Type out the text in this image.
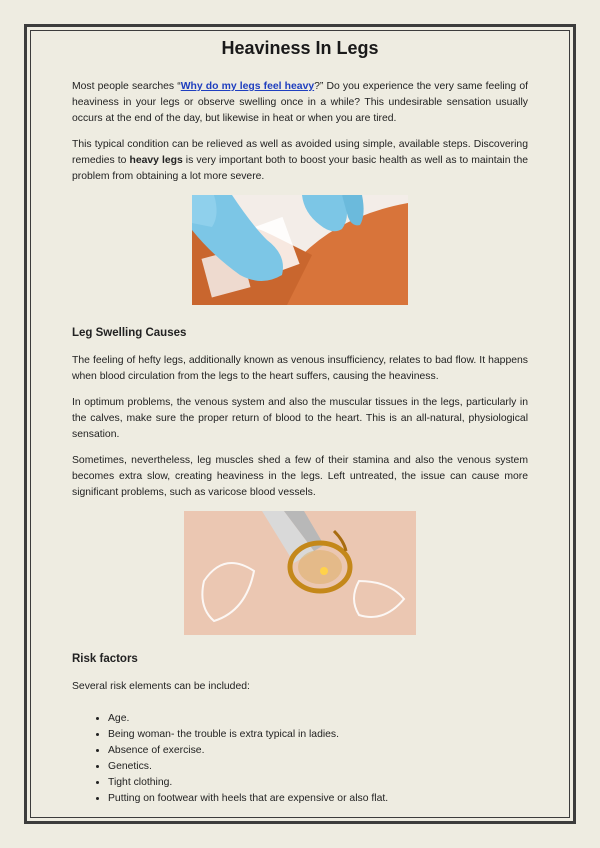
Heaviness In Legs

Most people searches “Why do my legs feel heavy?” Do you experience the very same feeling of heaviness in your legs or observe swelling once in a while? This undesirable sensation usually occurs at the end of the day, but likewise in heat or when you are tired.

This typical condition can be relieved as well as avoided using simple, available steps. Discovering remedies to heavy legs is very important both to boost your basic health as well as to maintain the problem from obtaining a lot more severe.

Leg Swelling Causes

The feeling of hefty legs, additionally known as venous insufficiency, relates to bad flow. It happens when blood circulation from the legs to the heart suffers, causing the heaviness.

In optimum problems, the venous system and also the muscular tissues in the legs, particularly in the calves, make sure the proper return of blood to the heart. This is an all-natural, physiological sensation.

Sometimes, nevertheless, leg muscles shed a few of their stamina and also the venous system becomes extra slow, creating heaviness in the legs. Left untreated, the issue can cause more significant problems, such as varicose blood vessels.

Risk factors

Several risk elements can be included:

• Age.
• Being woman- the trouble is extra typical in ladies.
• Absence of exercise.
• Genetics.
• Tight clothing.
• Putting on footwear with heels that are expensive or also flat.
